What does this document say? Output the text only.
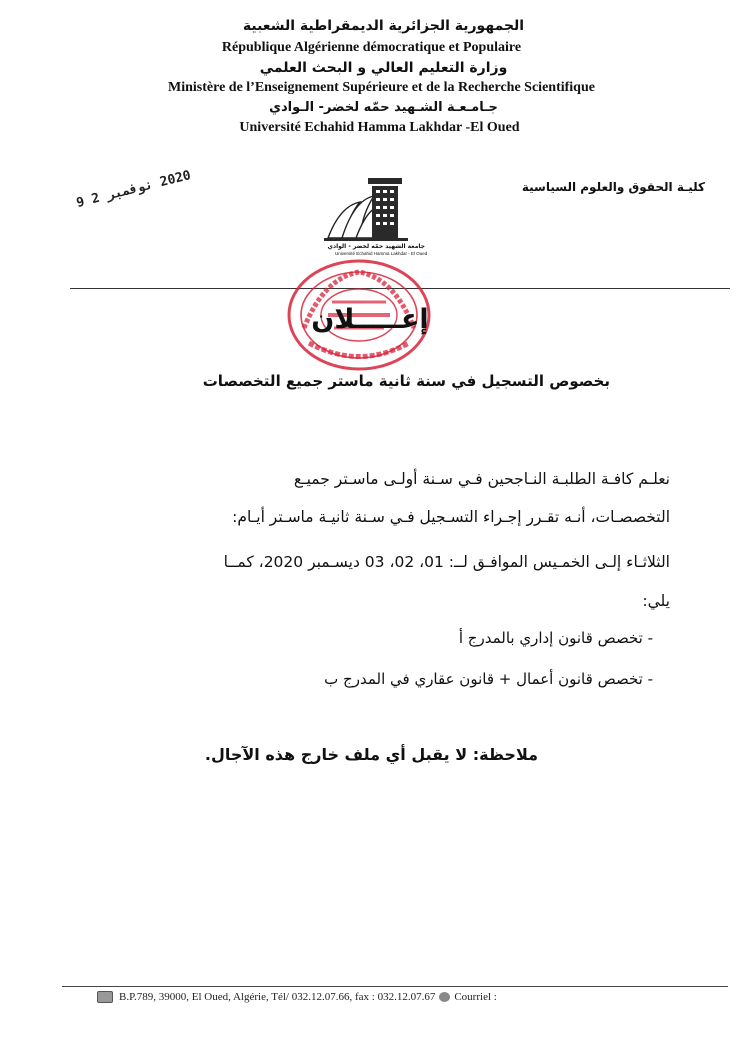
الجمهورية الجزائرية الديمقراطية الشعبية
République Algérienne démocratique et Populaire
وزارة التعليم العالي و البحث العلمي
Ministère de l’Enseignement Supérieure et de la Recherche Scientifique
جـامـعـة الشـهيد حمّه لخضر- الـوادي
Université Echahid Hamma Lakhdar -El Oued
كليـة الحقوق والعلوم السياسية
2020 نوفمبر 2 9
جامعة الشهيد حمّه لخضر - الوادي
Université Echahid Hamma Lakhdar - El Oued
إعـــــلان
بخصوص التسجيل في سنة ثانية ماستر جميع التخصصات
نعلـم كافـة الطلبـة النـاجحين فـي سـنة أولـى ماسـتر جميـع
التخصصـات، أنـه تقـرر إجـراء التسـجيل فـي سـنة ثانيـة ماسـتر أيـام:
الثلاثـاء إلـى الخمـيس الموافـق لــ: 01، 02، 03 ديسـمبر 2020، كمــا
يلي:
- تخصص قانون إداري بالمدرج أ
- تخصص قانون أعمال + قانون عقاري في المدرج ب
ملاحظة: لا يقبل أي ملف خارج هذه الآجال.
B.P.789, 39000, El Oued, Algérie, Tél/ 032.12.07.66, fax : 032.12.07.67 Courriel :
